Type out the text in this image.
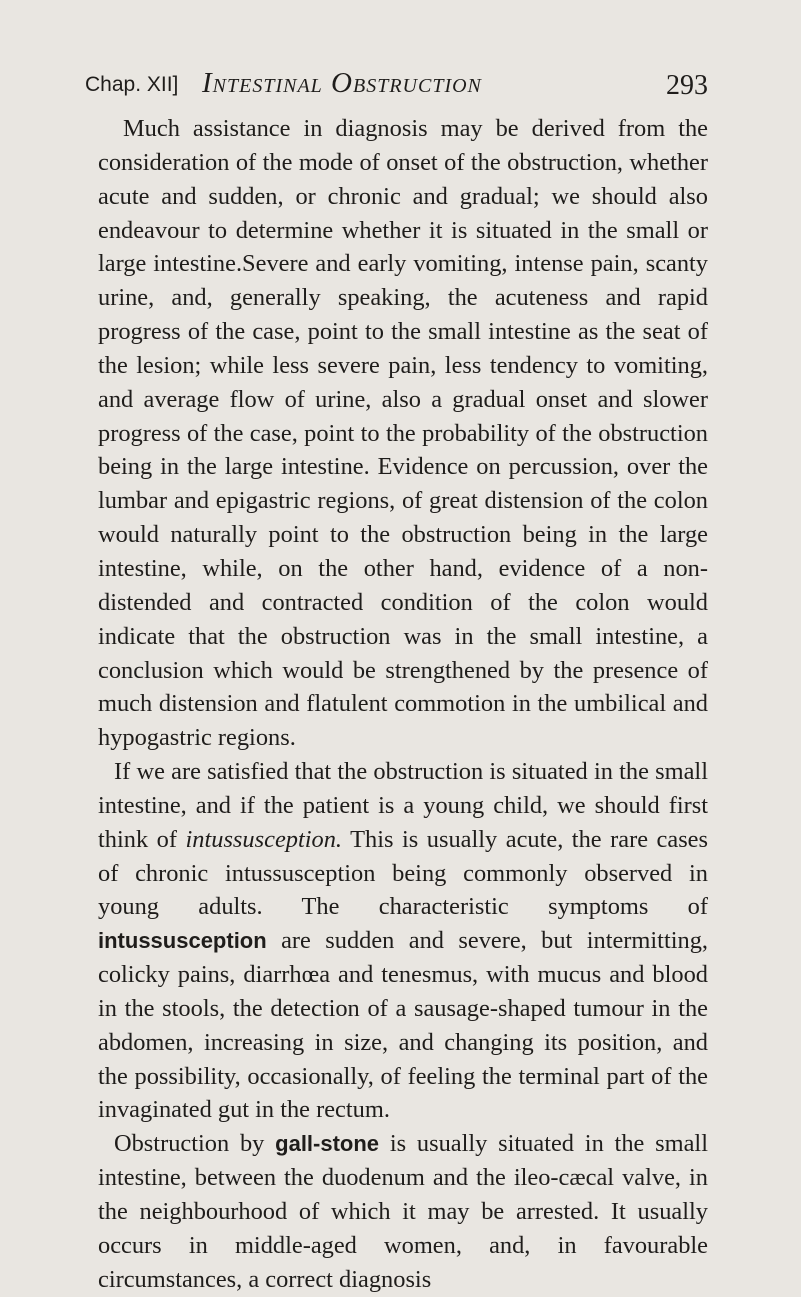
Chap. XII] Intestinal Obstruction	293

Much assistance in diagnosis may be derived from the consideration of the mode of onset of the obstruction, whether acute and sudden, or chronic and gradual; we should also endeavour to determine whether it is situated in the small or large intestine.Severe and early vomiting, intense pain, scanty urine, and, generally speaking, the acuteness and rapid progress of the case, point to the small intestine as the seat of the lesion; while less severe pain, less tendency to vomiting, and average flow of urine, also a gradual onset and slower progress of the case, point to the probability of the obstruction being in the large intestine. Evidence on percussion, over the lumbar and epigastric regions, of great distension of the colon would naturally point to the obstruction being in the large intestine, while, on the other hand, evidence of a non-distended and contracted condition of the colon would indicate that the obstruction was in the small intestine, a conclusion which would be strengthened by the presence of much distension and flatulent commotion in the umbilical and hypogastric regions.

If we are satisfied that the obstruction is situated in the small intestine, and if the patient is a young child, we should first think of intussusception. This is usually acute, the rare cases of chronic intussusception being commonly observed in young adults. The characteristic symptoms of intussusception are sudden and severe, but intermitting, colicky pains, diarrhœa and tenesmus, with mucus and blood in the stools, the detection of a sausage-shaped tumour in the abdomen, increasing in size, and changing its position, and the possibility, occasionally, of feeling the terminal part of the invaginated gut in the rectum.

Obstruction by gall-stone is usually situated in the small intestine, between the duodenum and the ileo-cæcal valve, in the neighbourhood of which it may be arrested. It usually occurs in middle-aged women, and, in favourable circumstances, a correct diagnosis
